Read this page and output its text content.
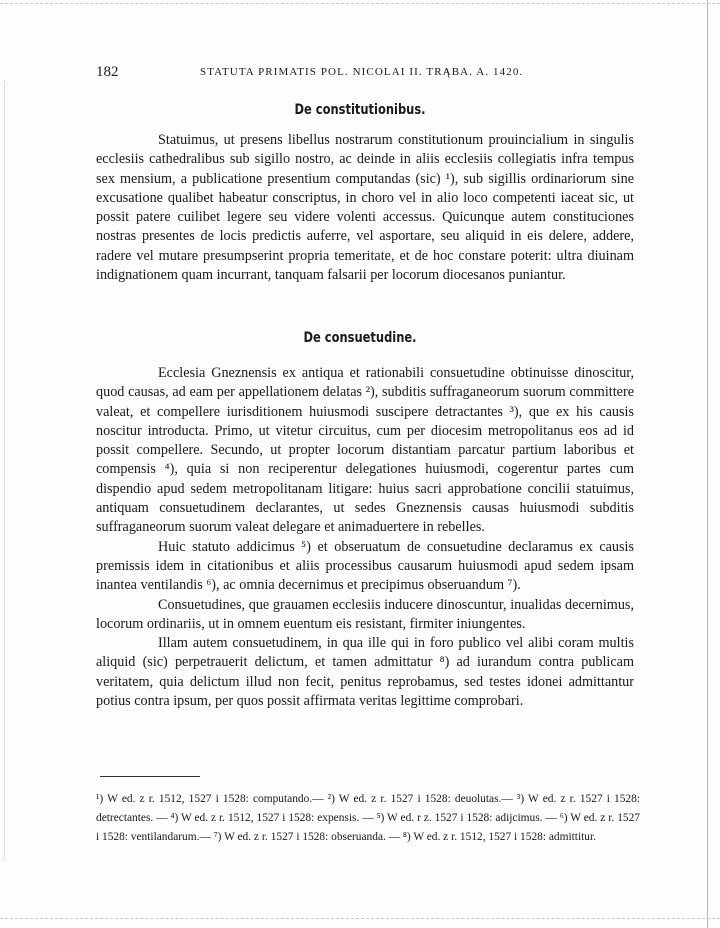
182	STATUTA PRIMATIS POL. NICOLAI II. TRĄBA. A. 1420.
De constitutionibus.

Statuimus, ut presens libellus nostrarum constitutionum prouincialium in singulis ecclesiis cathedralibus sub sigillo nostro, ac deinde in aliis ecclesiis collegiatis infra tempus sex mensium, a publicatione presentium computandas (sic) ¹), sub sigillis ordinariorum sine excusatione qualibet habeatur conscriptus, in choro vel in alio loco competenti iaceat sic, ut possit patere cuilibet legere seu videre volenti accessus. Quicunque autem constituciones nostras presentes de locis predictis auferre, vel asportare, seu aliquid in eis delere, addere, radere vel mutare presumpserint propria temeritate, et de hoc constare poterit: ultra diuinam indignationem quam incurrant, tanquam falsarii per locorum diocesanos puniantur.

De consuetudine.

Ecclesia Gneznensis ex antiqua et rationabili consuetudine obtinuisse dinoscitur, quod causas, ad eam per appellationem delatas ²), subditis suffraganeorum suorum committere valeat, et compellere iurisditionem huiusmodi suscipere detractantes ³), que ex his causis noscitur introducta. Primo, ut vitetur circuitus, cum per diocesim metropolitanus eos ad id possit compellere. Secundo, ut propter locorum distantiam parcatur partium laboribus et compensis ⁴), quia si non reciperentur delegationes huiusmodi, cogerentur partes cum dispendio apud sedem metropolitanam litigare: huius sacri approbatione concilii statuimus, antiquam consuetudinem declarantes, ut sedes Gneznensis causas huiusmodi subditis suffraganeorum suorum valeat delegare et animaduertere in rebelles.

Huic statuto addicimus ⁵) et obseruatum de consuetudine declaramus ex causis premissis idem in citationibus et aliis processibus causarum huiusmodi apud sedem ipsam inantea ventilandis ⁶), ac omnia decernimus et precipimus obseruandum ⁷).

Consuetudines, que grauamen ecclesiis inducere dinoscuntur, inualidas decernimus, locorum ordinariis, ut in omnem euentum eis resistant, firmiter iniungentes.

Illam autem consuetudinem, in qua ille qui in foro publico vel alibi coram multis aliquid (sic) perpetrauerit delictum, et tamen admittatur ⁸) ad iurandum contra publicam veritatem, quia delictum illud non fecit, penitus reprobamus, sed testes idonei admittantur potius contra ipsum, per quos possit affirmata veritas legittime comprobari.

¹) W ed. z r. 1512, 1527 i 1528: computando.— ²) W ed. z r. 1527 i 1528: deuolutas.— ³) W ed. z r. 1527 i 1528: detrectantes. — ⁴) W ed. z r. 1512, 1527 i 1528: expensis. — ⁵) W ed. r z. 1527 i 1528: adijcimus. — ⁶) W ed. z r. 1527 i 1528: ventilandarum.— ⁷) W ed. z r. 1527 i 1528: obseruanda. — ⁸) W ed. z r. 1512, 1527 i 1528: admittitur.
